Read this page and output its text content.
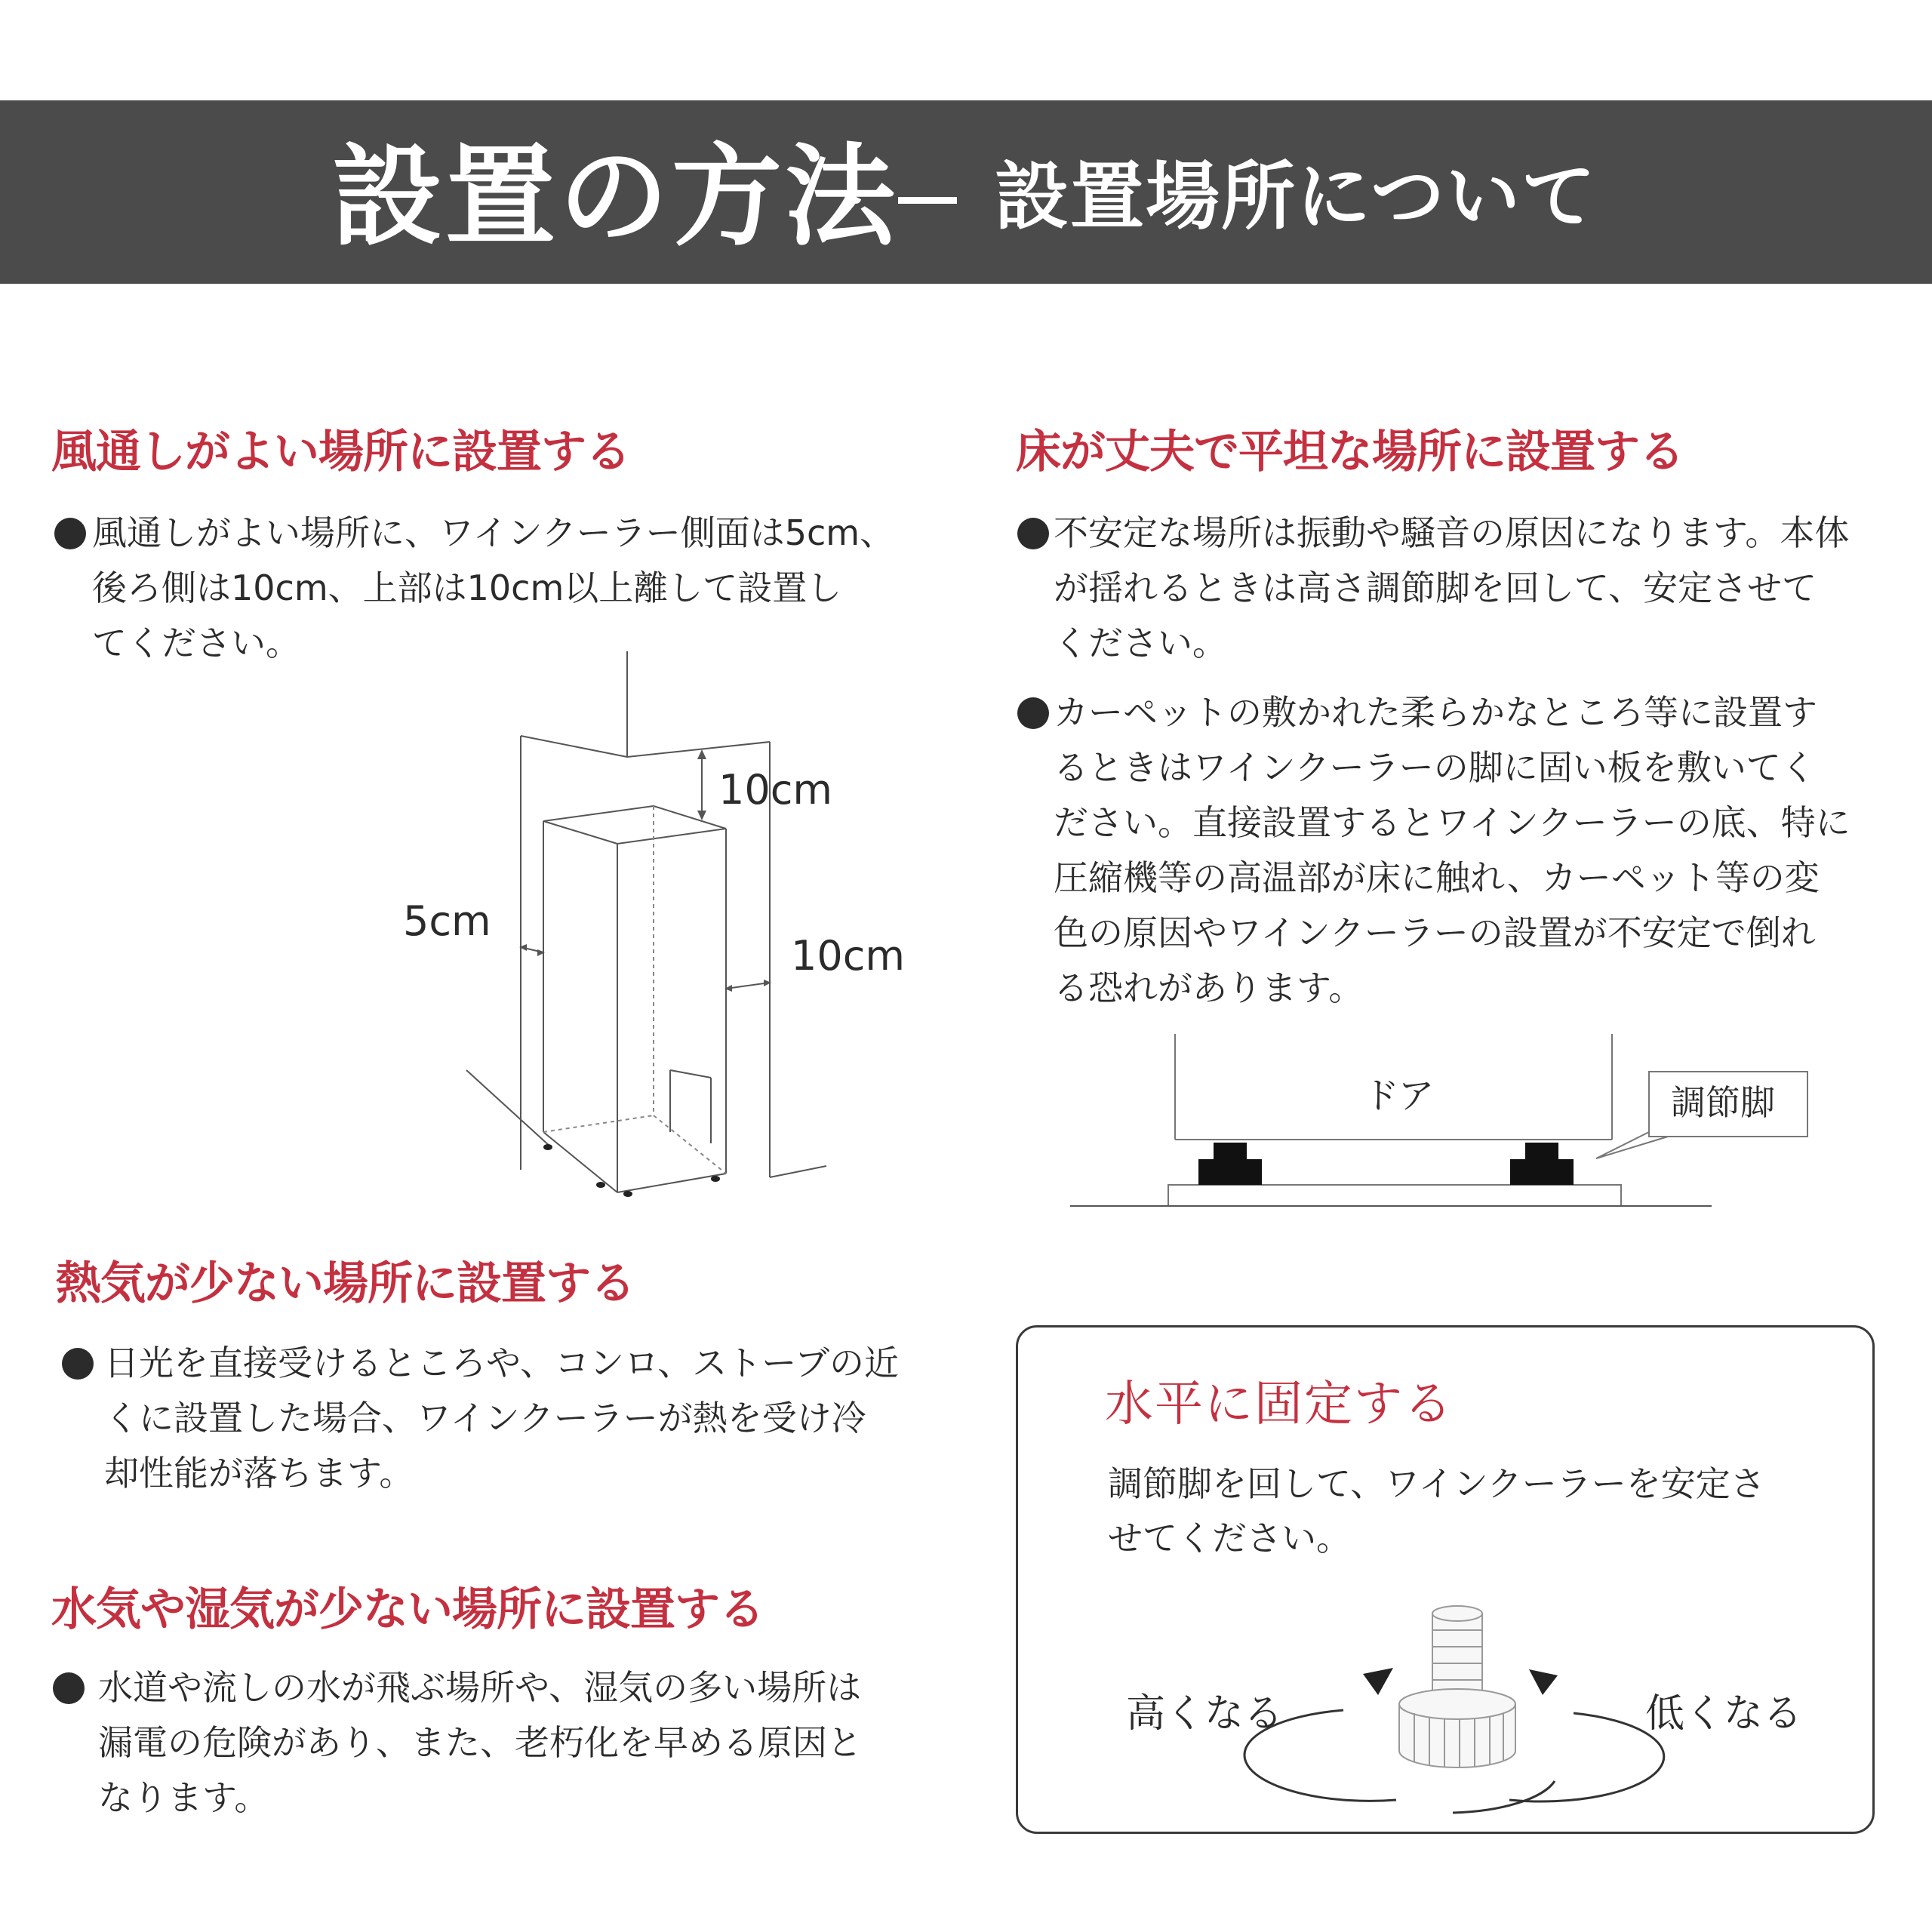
設置の方法 設置場所について
風通しがよい場所に設置する
風通しがよい場所に、ワインクーラー側面は5cm、
後ろ側は10cm、上部は10cm以上離して設置し
てください。
10cm
5cm
10cm
熱気が少ない場所に設置する
日光を直接受けるところや、コンロ、ストーブの近
くに設置した場合、ワインクーラーが熱を受け冷
却性能が落ちます。
水気や湿気が少ない場所に設置する
水道や流しの水が飛ぶ場所や、湿気の多い場所は
漏電の危険があり、また、老朽化を早める原因と
なります。
床が丈夫で平坦な場所に設置する
不安定な場所は振動や騒音の原因になります。本体
が揺れるときは高さ調節脚を回して、安定させて
ください。
カーペットの敷かれた柔らかなところ等に設置す
るときはワインクーラーの脚に固い板を敷いてく
ださい。直接設置するとワインクーラーの底、特に
圧縮機等の高温部が床に触れ、カーペット等の変
色の原因やワインクーラーの設置が不安定で倒れ
る恐れがあります。
ドア	調節脚
水平に固定する
調節脚を回して、ワインクーラーを安定さ
せてください。
高くなる	低くなる
